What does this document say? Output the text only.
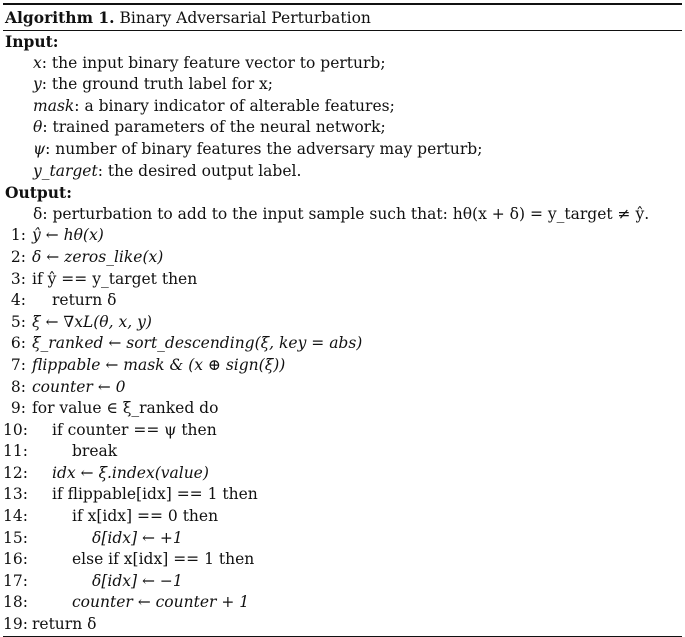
Algorithm 1. Binary Adversarial Perturbation
Input:
x: the input binary feature vector to perturb;
y: the ground truth label for x;
mask: a binary indicator of alterable features;
θ: trained parameters of the neural network;
ψ: number of binary features the adversary may perturb;
y_target: the desired output label.
Output:
δ: perturbation to add to the input sample such that: hθ(x + δ) = y_target ≠ ŷ.
1: ŷ ← hθ(x)
2: δ ← zeros_like(x)
3: if ŷ == y_target then
4:	return δ
5: ξ ← ∇xL(θ, x, y)
6: ξ_ranked ← sort_descending(ξ, key = abs)
7: flippable ← mask & (x ⊕ sign(ξ))
8: counter ← 0
9: for value ∈ ξ_ranked do
10:	if counter == ψ then
11:	break
12:	idx ← ξ.index(value)
13:	if flippable[idx] == 1 then
14:	if x[idx] == 0 then
15:	δ[idx] ← +1
16:	else if x[idx] == 1 then
17:	δ[idx] ← −1
18:	counter ← counter + 1
19: return δ
